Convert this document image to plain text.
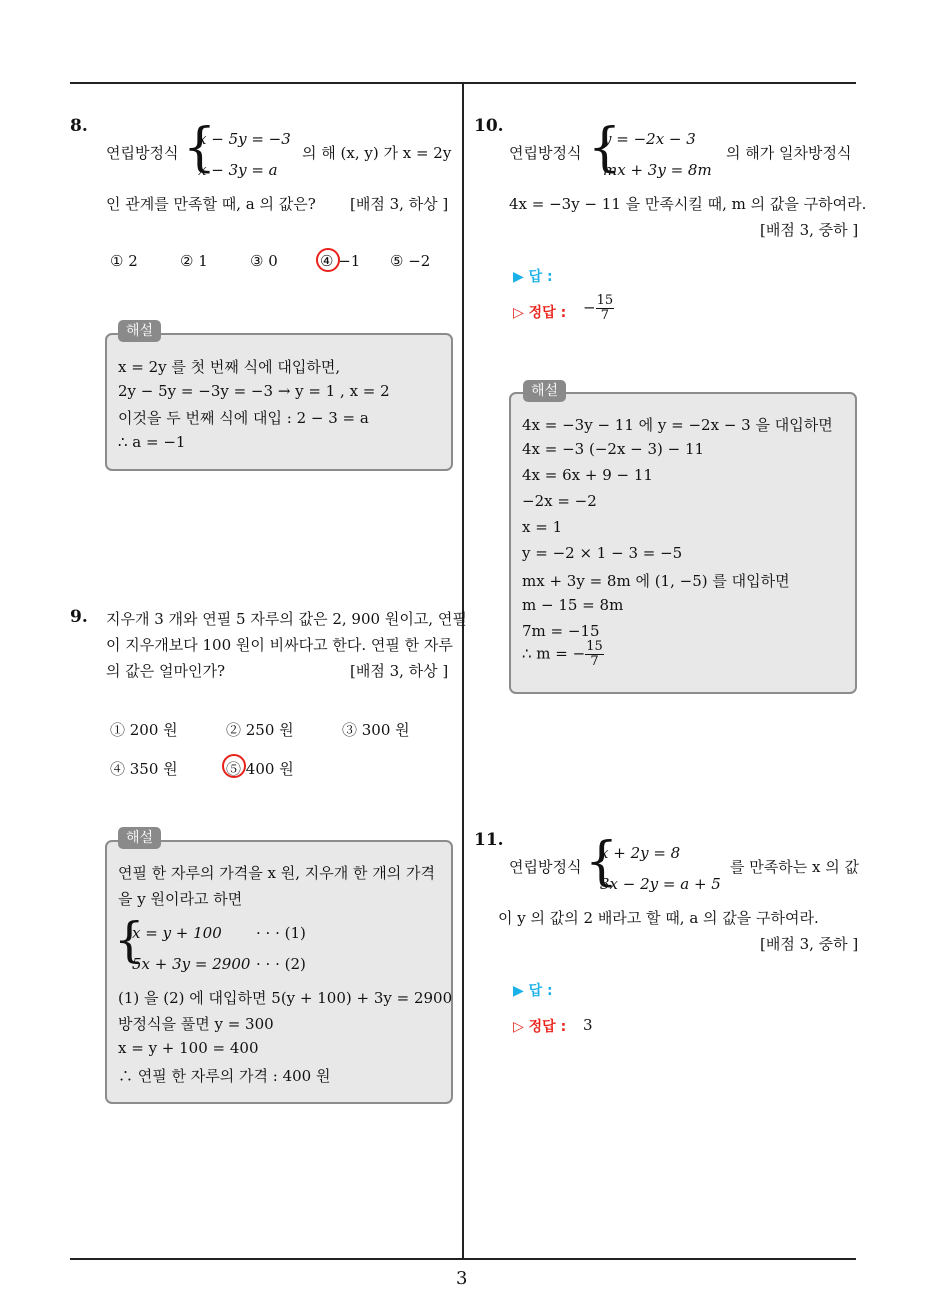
3
8.
연립방정식 {
x − 5y = −3
x − 3y = a
의 해 (x, y) 가 x = 2y
인 관계를 만족할 때, a 의 값은? [배점 3, 하상 ]
① 2	② 1	③ 0	④ −1 ⑤ −2
해설
x = 2y 를 첫 번째 식에 대입하면,
2y − 5y = −3y = −3 → y = 1 , x = 2
이것을 두 번째 식에 대입 : 2 − 3 = a
∴ a = −1
9. 지우개 3 개와 연필 5 자루의 값은 2, 900 원이고, 연필
이 지우개보다 100 원이 비싸다고 한다. 연필 한 자루
의 값은 얼마인가?	[배점 3, 하상 ]
① 200 원	② 250 원	③ 300 원
④ 350 원	⑤ 400 원
해설
연필 한 자루의 가격을 x 원, 지우개 한 개의 가격
을 y 원이라고 하면
{
x = y + 100 · · · (1)
5x + 3y = 2900 · · · (2)
(1) 을 (2) 에 대입하면 5(y + 100) + 3y = 2900
방정식을 풀면 y = 300
x = y + 100 = 400
∴ 연필 한 자루의 가격 : 400 원
10.
연립방정식 {
y = −2x − 3
mx + 3y = 8m
의 해가 일차방정식
4x = −3y − 11 을 만족시킬 때, m 의 값을 구하여라.
[배점 3, 중하 ]
▶ 답 :
▷ 정답 : − $\frac{15}{7}$
해설
4x = −3y − 11 에 y = −2x − 3 을 대입하면
4x = −3 (−2x − 3) − 11
4x = 6x + 9 − 11
−2x = −2
x = 1
y = −2 × 1 − 3 = −5
mx + 3y = 8m 에 (1, −5) 를 대입하면
m − 15 = 8m
7m = −15
∴ m = − $\frac{15}{7}$
11.
연립방정식 {
x + 2y = 8
3x − 2y = a + 5
를 만족하는 x 의 값
이 y 의 값의 2 배라고 할 때, a 의 값을 구하여라.
[배점 3, 중하 ]
▶ 답 :
▷ 정답 : 3
